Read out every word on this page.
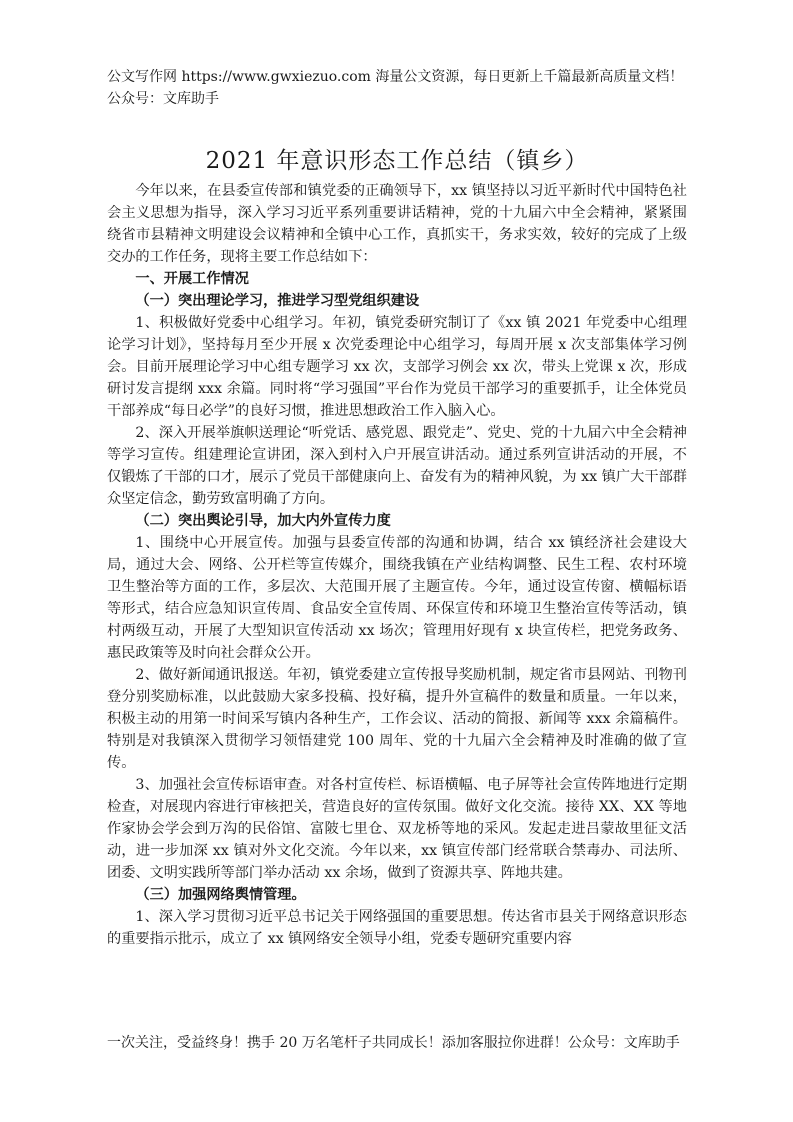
公文写作网 https://www.gwxiezuo.com 海量公文资源，每日更新上千篇最新高质量文档！ 公众号：文库助手
2021 年意识形态工作总结（镇乡）

今年以来，在县委宣传部和镇党委的正确领导下，xx 镇坚持以习近平新时代中国特色社会主义思想为指导，深入学习习近平系列重要讲话精神，党的十九届六中全会精神，紧紧围绕省市县精神文明建设会议精神和全镇中心工作，真抓实干，务求实效，较好的完成了上级交办的工作任务，现将主要工作总结如下：

一、开展工作情况

（一）突出理论学习，推进学习型党组织建设

1、积极做好党委中心组学习。年初，镇党委研究制订了《xx 镇 2021 年党委中心组理论学习计划》，坚持每月至少开展 x 次党委理论中心组学习，每周开展 x 次支部集体学习例会。目前开展理论学习中心组专题学习 xx 次，支部学习例会 xx 次，带头上党课 x 次，形成研讨发言提纲 xxx 余篇。同时将“学习强国”平台作为党员干部学习的重要抓手，让全体党员干部养成“每日必学”的良好习惯，推进思想政治工作入脑入心。

2、深入开展举旗帜送理论“听党话、感党恩、跟党走”、党史、党的十九届六中全会精神等学习宣传。组建理论宣讲团，深入到村入户开展宣讲活动。通过系列宣讲活动的开展，不仅锻炼了干部的口才，展示了党员干部健康向上、奋发有为的精神风貌，为 xx 镇广大干部群众坚定信念，勤劳致富明确了方向。

（二）突出舆论引导，加大内外宣传力度

1、围绕中心开展宣传。加强与县委宣传部的沟通和协调，结合 xx 镇经济社会建设大局，通过大会、网络、公开栏等宣传媒介，围绕我镇在产业结构调整、民生工程、农村环境卫生整治等方面的工作，多层次、大范围开展了主题宣传。今年，通过设宣传窗、横幅标语等形式，结合应急知识宣传周、食品安全宣传周、环保宣传和环境卫生整治宣传等活动，镇村两级互动，开展了大型知识宣传活动 xx 场次；管理用好现有 x 块宣传栏，把党务政务、惠民政策等及时向社会群众公开。

2、做好新闻通讯报送。年初，镇党委建立宣传报导奖励机制，规定省市县网站、刊物刊登分别奖励标准，以此鼓励大家多投稿、投好稿，提升外宣稿件的数量和质量。一年以来，积极主动的用第一时间采写镇内各种生产，工作会议、活动的简报、新闻等 xxx 余篇稿件。特别是对我镇深入贯彻学习领悟建党 100 周年、党的十九届六全会精神及时准确的做了宣传。

3、加强社会宣传标语审查。对各村宣传栏、标语横幅、电子屏等社会宣传阵地进行定期检查，对展现内容进行审核把关，营造良好的宣传氛围。做好文化交流。接待 XX、XX 等地作家协会学会到万沟的民俗馆、富陂七里仓、双龙桥等地的采风。发起走进吕蒙故里征文活动，进一步加深 xx 镇对外文化交流。今年以来，xx 镇宣传部门经常联合禁毒办、司法所、团委、文明实践所等部门举办活动 xx 余场，做到了资源共享、阵地共建。

（三）加强网络舆情管理。

1、深入学习贯彻习近平总书记关于网络强国的重要思想。传达省市县关于网络意识形态的重要指示批示，成立了 xx 镇网络安全领导小组，党委专题研究重要内容

一次关注，受益终身！携手 20 万名笔杆子共同成长！添加客服拉你进群！公众号：文库助手
